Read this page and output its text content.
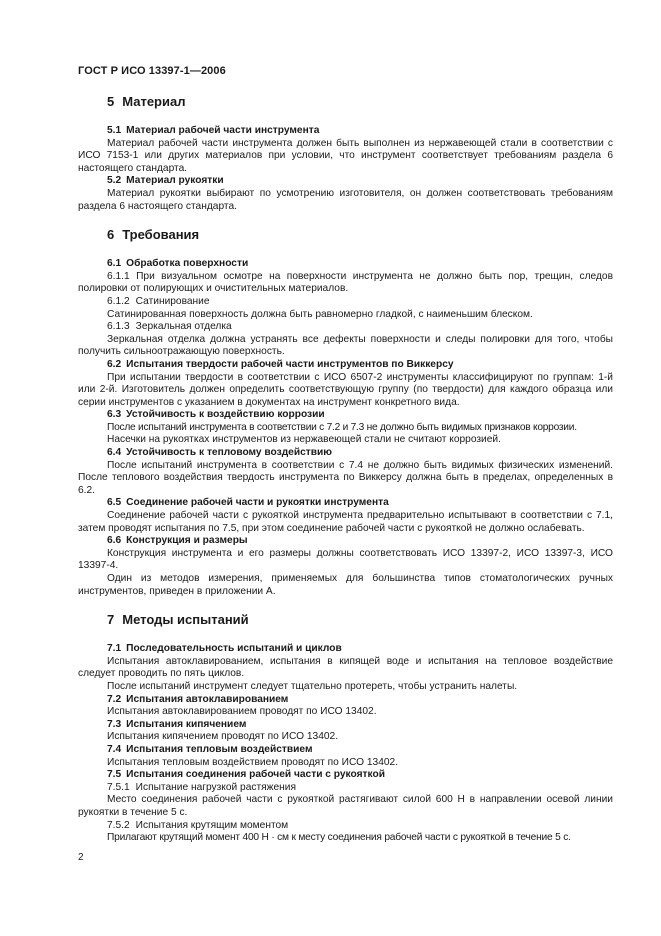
ГОСТ Р ИСО 13397-1—2006
5 Материал
5.1 Материал рабочей части инструмента

Материал рабочей части инструмента должен быть выполнен из нержавеющей стали в соответствии с ИСО 7153-1 или других материалов при условии, что инструмент соответствует требованиям раздела 6 настоящего стандарта.

5.2 Материал рукоятки

Материал рукоятки выбирают по усмотрению изготовителя, он должен соответствовать требованиям раздела 6 настоящего стандарта.

6 Требования
6.1 Обработка поверхности

6.1.1 При визуальном осмотре на поверхности инструмента не должно быть пор, трещин, следов полировки от полирующих и очистительных материалов.

6.1.2 Сатинирование

Сатинированная поверхность должна быть равномерно гладкой, с наименьшим блеском.

6.1.3 Зеркальная отделка

Зеркальная отделка должна устранять все дефекты поверхности и следы полировки для того, чтобы получить сильноотражающую поверхность.

6.2 Испытания твердости рабочей части инструментов по Виккерсу

При испытании твердости в соответствии с ИСО 6507-2 инструменты классифицируют по группам: 1-й или 2-й. Изготовитель должен определить соответствующую группу (по твердости) для каждого образца или серии инструментов с указанием в документах на инструмент конкретного вида.

6.3 Устойчивость к воздействию коррозии

После испытаний инструмента в соответствии с 7.2 и 7.3 не должно быть видимых признаков коррозии.

Насечки на рукоятках инструментов из нержавеющей стали не считают коррозией.

6.4 Устойчивость к тепловому воздействию

После испытаний инструмента в соответствии с 7.4 не должно быть видимых физических изменений. После теплового воздействия твердость инструмента по Виккерсу должна быть в пределах, определенных в 6.2.

6.5 Соединение рабочей части и рукоятки инструмента

Соединение рабочей части с рукояткой инструмента предварительно испытывают в соответствии с 7.1, затем проводят испытания по 7.5, при этом соединение рабочей части с рукояткой не должно ослабевать.

6.6 Конструкция и размеры

Конструкция инструмента и его размеры должны соответствовать ИСО 13397-2, ИСО 13397-3, ИСО 13397-4.

Один из методов измерения, применяемых для большинства типов стоматологических ручных инструментов, приведен в приложении А.

7 Методы испытаний
7.1 Последовательность испытаний и циклов

Испытания автоклавированием, испытания в кипящей воде и испытания на тепловое воздействие следует проводить по пять циклов.

После испытаний инструмент следует тщательно протереть, чтобы устранить налеты.

7.2 Испытания автоклавированием

Испытания автоклавированием проводят по ИСО 13402.

7.3 Испытания кипячением

Испытания кипячением проводят по ИСО 13402.

7.4 Испытания тепловым воздействием

Испытания тепловым воздействием проводят по ИСО 13402.

7.5 Испытания соединения рабочей части с рукояткой
7.5.1 Испытание нагрузкой растяжения

Место соединения рабочей части с рукояткой растягивают силой 600 Н в направлении осевой линии рукоятки в течение 5 с.

7.5.2 Испытания крутящим моментом

Прилагают крутящий момент 400 Н · см к месту соединения рабочей части с рукояткой в течение 5 с.

2
